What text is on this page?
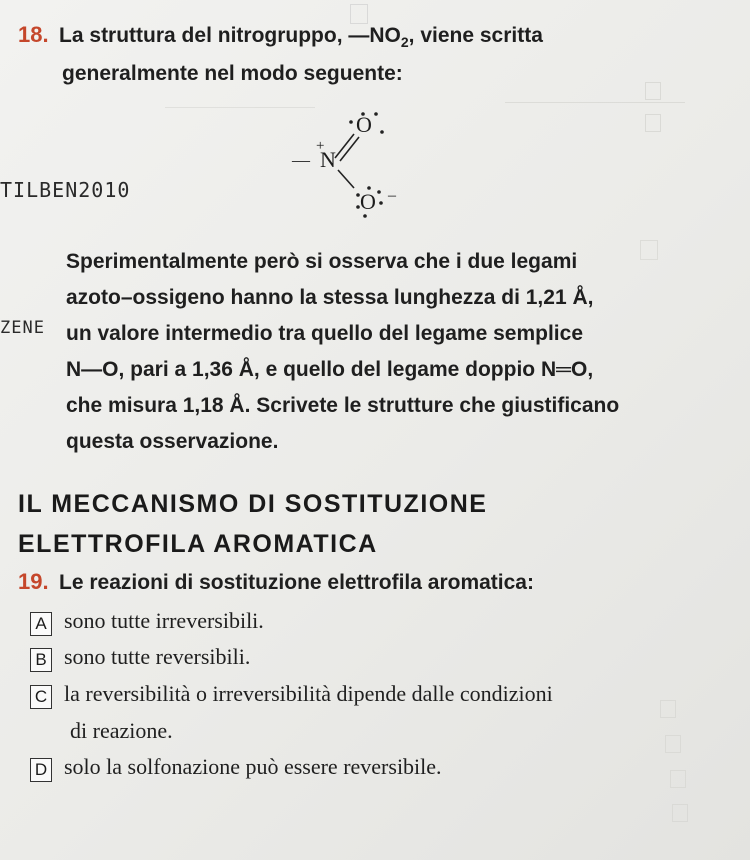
18. La struttura del nitrogruppo, $—NO_2$, viene scritta
generalmente nel modo seguente:
O
+
— N
O –
TILBEN2010
Sperimentalmente però si osserva che i due legami
azoto–ossigeno hanno la stessa lunghezza di 1,21 Å,
un valore intermedio tra quello del legame semplice
N—O, pari a 1,36 Å, e quello del legame doppio N═O,
che misura 1,18 Å. Scrivete le strutture che giustificano
questa osservazione.
ZENE
IL MECCANISMO DI SOSTITUZIONE
ELETTROFILA AROMATICA
19. Le reazioni di sostituzione elettrofila aromatica:
A sono tutte irreversibili.
B sono tutte reversibili.
C la reversibilità o irreversibilità dipende dalle condizioni
di reazione.
D solo la solfonazione può essere reversibile.
